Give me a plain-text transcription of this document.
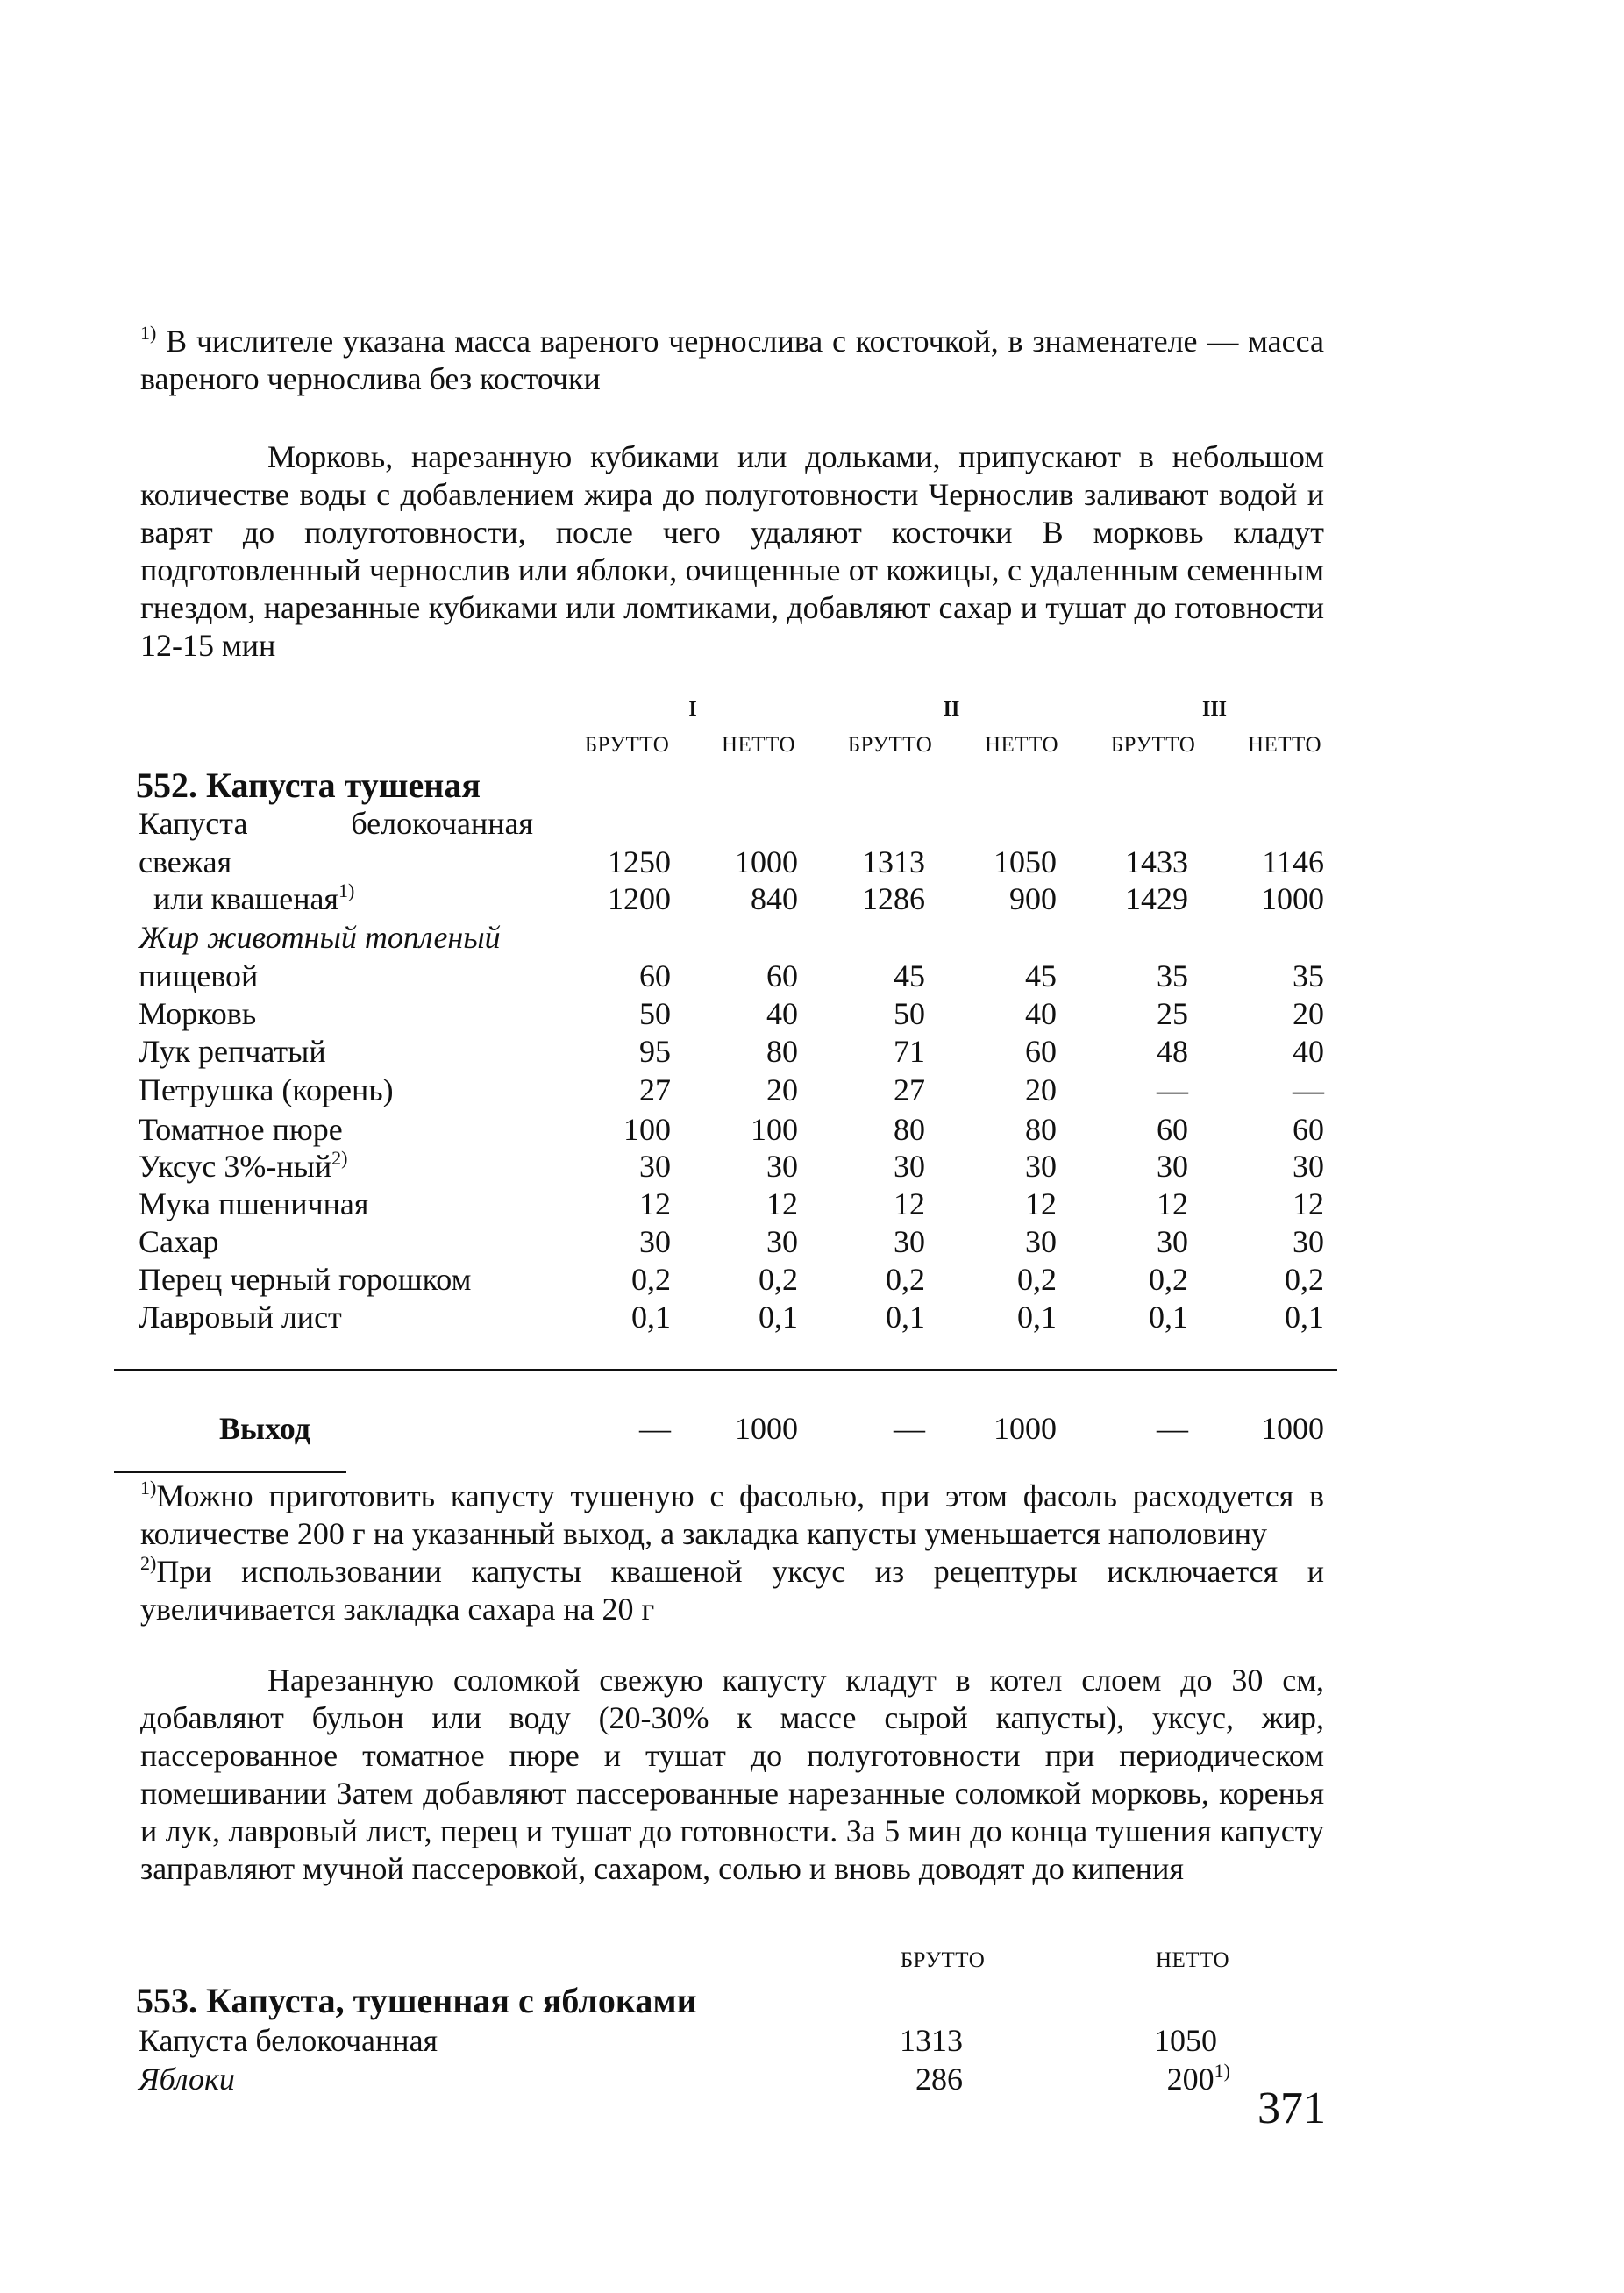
$^{1)}$ В числителе указана масса вареного чернослива с косточкой, в знаменателе — масса вареного чернослива без косточки

Морковь, нарезанную кубиками или дольками, припускают в небольшом количестве воды с добавлением жира до полуготовности Чернослив заливают водой и варят до полуготовности, после чего удаляют косточки В морковь кладут подготовленный чернослив или яблоки, очищенные от кожицы, с удаленным семенным гнездом, нарезанные кубиками или ломтиками, добавляют сахар и тушат до готовности 12-15 мин

I	II	III
БРУТТО	НЕТТО	БРУТТО	НЕТТО	БРУТТО	НЕТТО
552. Капуста тушеная
Капуста белокочанная
свежая	1250	1000	1313	1050	1433	1146
или квашеная$^{1)}$	1200	840	1286	900	1429	1000
Жир животный топленый
пищевой	60	60	45	45	35	35
Морковь	50	40	50	40	25	20
Лук репчатый	95	80	71	60	48	40
Петрушка (корень)	27	20	27	20	—	—
Томатное пюре	100	100	80	80	60	60
Уксус 3%-ный$^{2)}$	30	30	30	30	30	30
Мука пшеничная	12	12	12	12	12	12
Сахар	30	30	30	30	30	30
Перец черный горошком	0,2	0,2	0,2	0,2	0,2	0,2
Лавровый лист	0,1	0,1	0,1	0,1	0,1	0,1
Выход	—	1000	—	1000	—	1000

$^{1)}$Можно приготовить капусту тушеную с фасолью, при этом фасоль расходуется в количестве 200 г на указанный выход, а закладка капусты уменьшается наполовину

$^{2)}$При использовании капусты квашеной уксус из рецептуры исключается и увеличивается закладка сахара на 20 г

Нарезанную соломкой свежую капусту кладут в котел слоем до 30 см, добавляют бульон или воду (20-30% к массе сырой капусты), уксус, жир, пассерованное томатное пюре и тушат до полуготовности при периодическом помешивании Затем добавляют пассерованные нарезанные соломкой морковь, коренья и лук, лавровый лист, перец и тушат до готовности. За 5 мин до конца тушения капусту заправляют мучной пассеровкой, сахаром, солью и вновь доводят до кипения

БРУТТО	НЕТТО
553. Капуста, тушенная с яблоками
Капуста белокочанная	1313	1050
Яблоки	286	200$^{1)}$
371
